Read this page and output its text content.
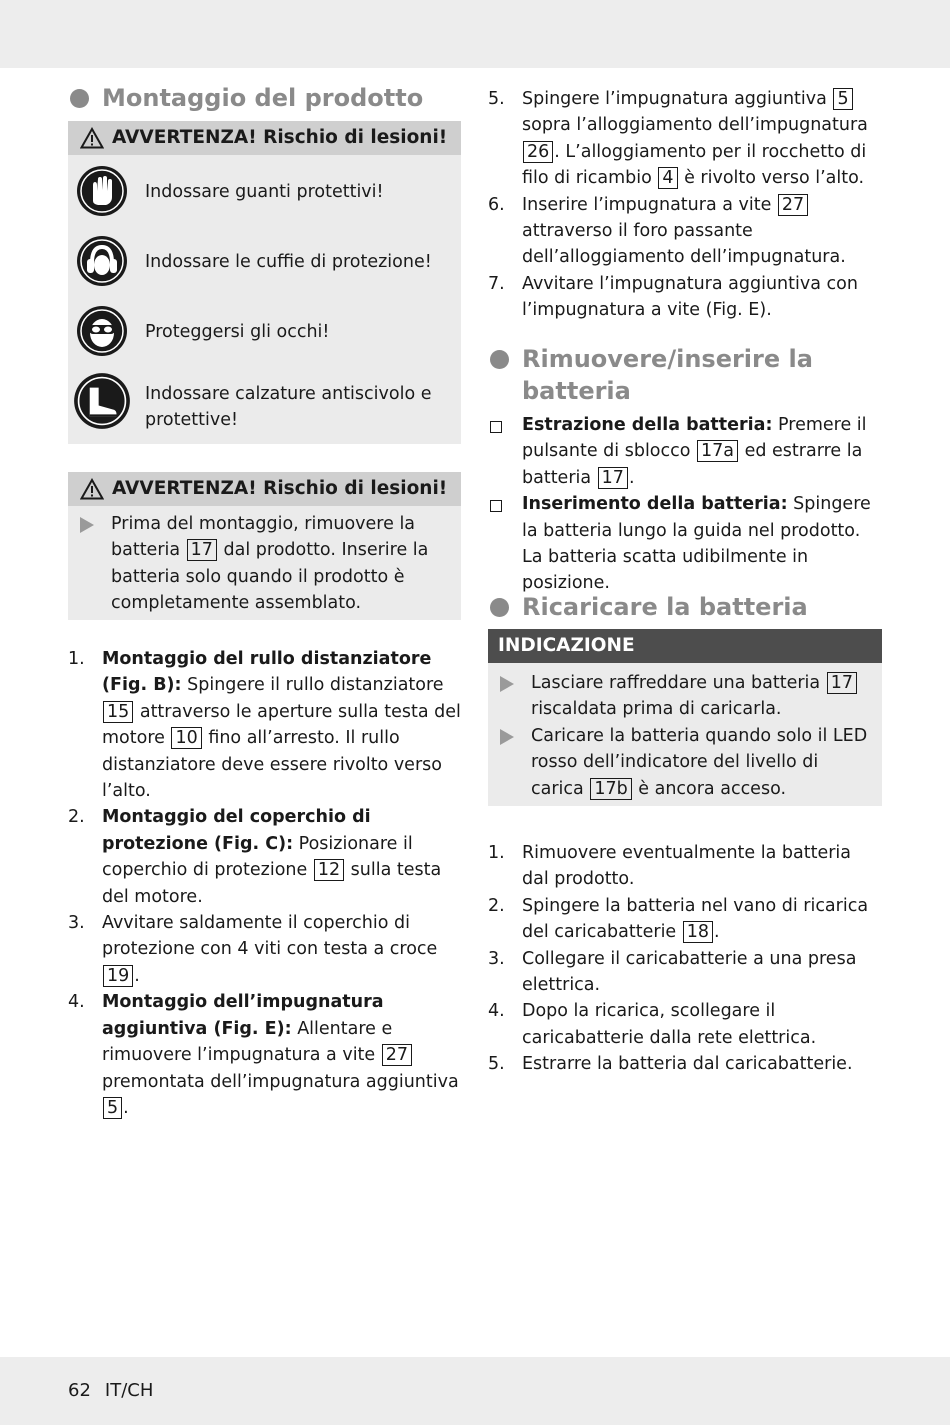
Montaggio del prodotto
AVVERTENZA! Rischio di lesioni!
Indossare guanti protettivi!
Indossare le cuffie di protezione!
Proteggersi gli occhi!
Indossare calzature antiscivolo e protettive!
AVVERTENZA! Rischio di lesioni!
Prima del montaggio, rimuovere la batteria 17 dal prodotto. Inserire la batteria solo quando il prodotto è completamente assemblato.
1. Montaggio del rullo distanziatore (Fig. B): Spingere il rullo distanziatore 15 attraverso le aperture sulla testa del motore 10 fino all’arresto. Il rullo distanziatore deve essere rivolto verso l’alto.
2. Montaggio del coperchio di protezione (Fig. C): Posizionare il coperchio di protezione 12 sulla testa del motore.
3. Avvitare saldamente il coperchio di protezione con 4 viti con testa a croce 19 .
4. Montaggio dell’impugnatura aggiuntiva (Fig. E): Allentare e rimuovere l’impugnatura a vite 27 premontata dell’impugnatura aggiuntiva 5 .
5. Spingere l’impugnatura aggiuntiva 5 sopra l’alloggiamento dell’impugnatura 26 . L’alloggiamento per il rocchetto di filo di ricambio 4 è rivolto verso l’alto.
6. Inserire l’impugnatura a vite 27 attraverso il foro passante dell’alloggiamento dell’impugnatura.
7. Avvitare l’impugnatura aggiuntiva con l’impugnatura a vite (Fig. E).
Rimuovere/inserire la batteria
Estrazione della batteria: Premere il pulsante di sblocco 17a ed estrarre la batteria 17 .
Inserimento della batteria: Spingere la batteria lungo la guida nel prodotto. La batteria scatta udibilmente in posizione.
Ricaricare la batteria
INDICAZIONE
Lasciare raffreddare una batteria 17 riscaldata prima di caricarla.
Caricare la batteria quando solo il LED rosso dell’indicatore del livello di carica 17b è ancora acceso.
1. Rimuovere eventualmente la batteria dal prodotto.
2. Spingere la batteria nel vano di ricarica del caricabatterie 18 .
3. Collegare il caricabatterie a una presa elettrica.
4. Dopo la ricarica, scollegare il caricabatterie dalla rete elettrica.
5. Estrarre la batteria dal caricabatterie.
62 IT/CH
